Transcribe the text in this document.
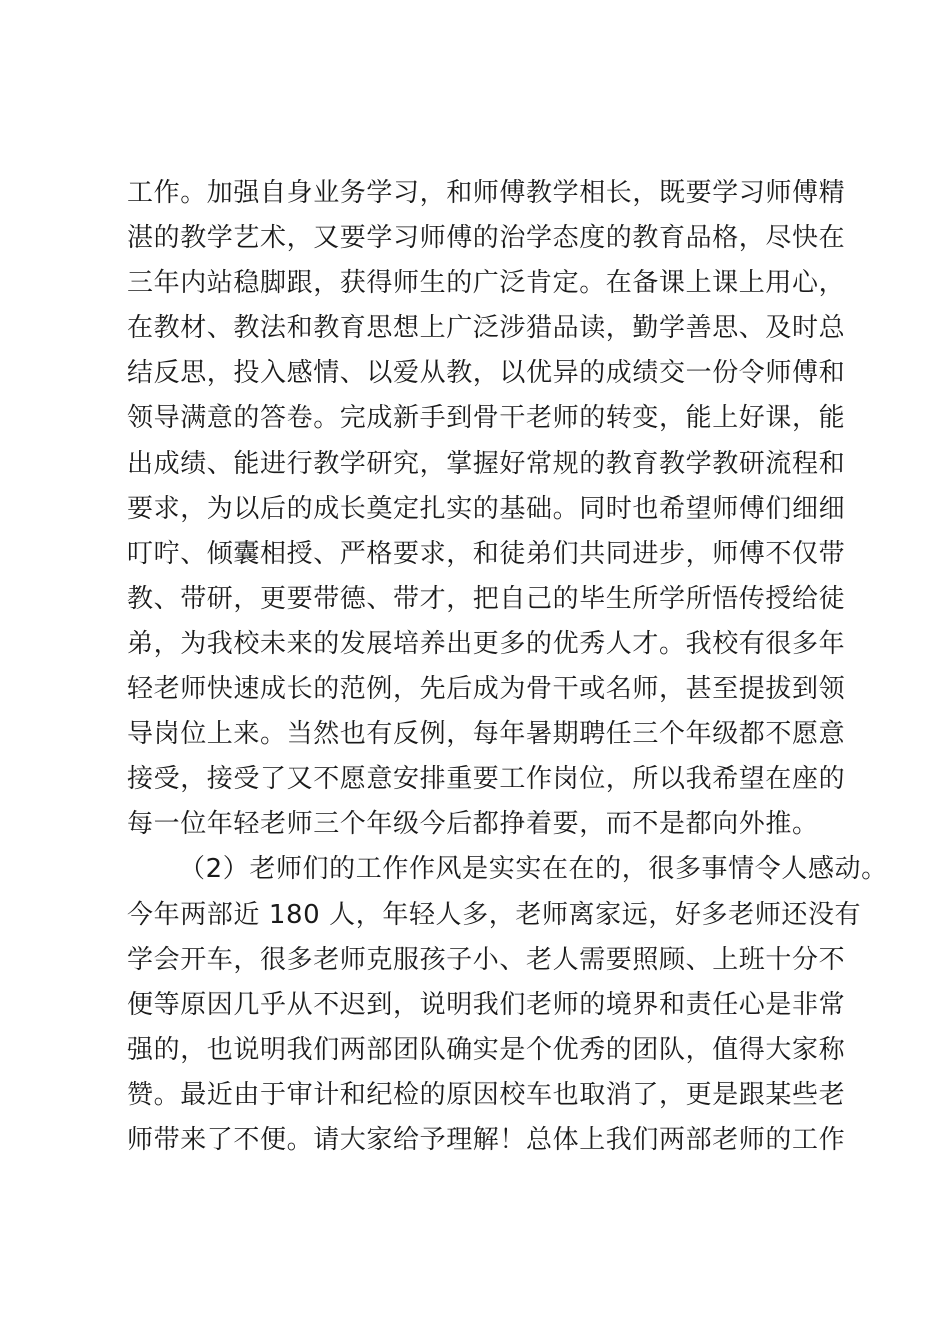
工作。加强自身业务学习，和师傅教学相长，既要学习师傅精
湛的教学艺术，又要学习师傅的治学态度的教育品格，尽快在
三年内站稳脚跟，获得师生的广泛肯定。在备课上课上用心，
在教材、教法和教育思想上广泛涉猎品读，勤学善思、及时总
结反思，投入感情、以爱从教，以优异的成绩交一份令师傅和
领导满意的答卷。完成新手到骨干老师的转变，能上好课，能
出成绩、能进行教学研究，掌握好常规的教育教学教研流程和
要求，为以后的成长奠定扎实的基础。同时也希望师傅们细细
叮咛、倾囊相授、严格要求，和徒弟们共同进步，师傅不仅带
教、带研，更要带德、带才，把自己的毕生所学所悟传授给徒
弟，为我校未来的发展培养出更多的优秀人才。我校有很多年
轻老师快速成长的范例，先后成为骨干或名师，甚至提拔到领
导岗位上来。当然也有反例，每年暑期聘任三个年级都不愿意
接受，接受了又不愿意安排重要工作岗位，所以我希望在座的
每一位年轻老师三个年级今后都挣着要，而不是都向外推。
（2）老师们的工作作风是实实在在的，很多事情令人感动。
今年两部近 180 人，年轻人多，老师离家远，好多老师还没有
学会开车，很多老师克服孩子小、老人需要照顾、上班十分不
便等原因几乎从不迟到，说明我们老师的境界和责任心是非常
强的，也说明我们两部团队确实是个优秀的团队，值得大家称
赞。最近由于审计和纪检的原因校车也取消了，更是跟某些老
师带来了不便。请大家给予理解！总体上我们两部老师的工作
